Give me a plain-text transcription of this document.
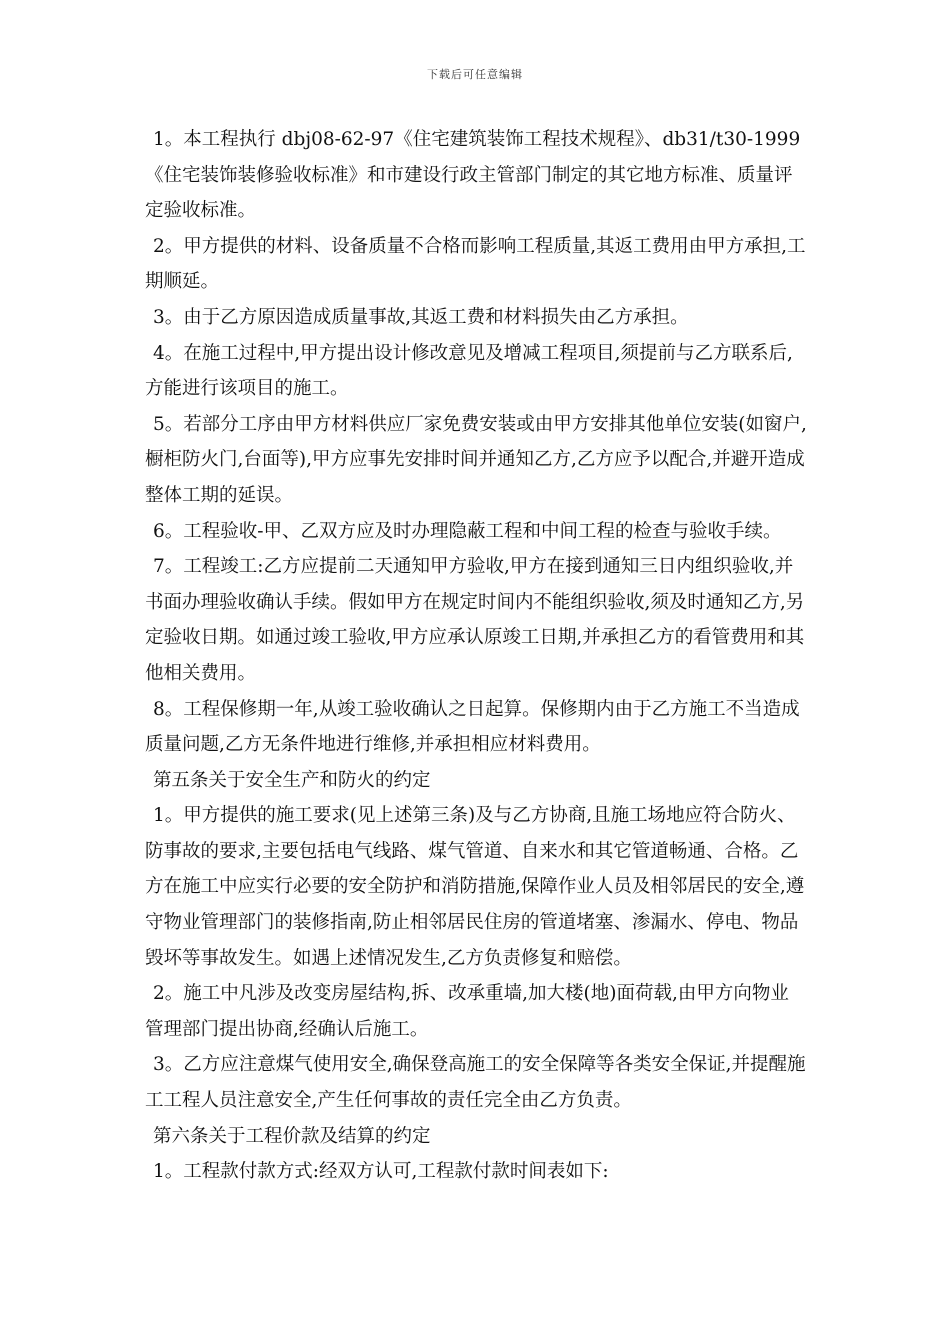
下载后可任意编辑

1。本工程执行 dbj08-62-97《住宅建筑装饰工程技术规程》、db31/t30-1999《住宅装饰装修验收标准》和市建设行政主管部门制定的其它地方标准、质量评定验收标准。

2。甲方提供的材料、设备质量不合格而影响工程质量,其返工费用由甲方承担,工期顺延。

3。由于乙方原因造成质量事故,其返工费和材料损失由乙方承担。

4。在施工过程中,甲方提出设计修改意见及增减工程项目,须提前与乙方联系后,方能进行该项目的施工。

5。若部分工序由甲方材料供应厂家免费安装或由甲方安排其他单位安装(如窗户,橱柜防火门,台面等),甲方应事先安排时间并通知乙方,乙方应予以配合,并避开造成整体工期的延误。

6。工程验收-甲、乙双方应及时办理隐蔽工程和中间工程的检查与验收手续。

7。工程竣工:乙方应提前二天通知甲方验收,甲方在接到通知三日内组织验收,并书面办理验收确认手续。假如甲方在规定时间内不能组织验收,须及时通知乙方,另定验收日期。如通过竣工验收,甲方应承认原竣工日期,并承担乙方的看管费用和其他相关费用。

8。工程保修期一年,从竣工验收确认之日起算。保修期内由于乙方施工不当造成质量问题,乙方无条件地进行维修,并承担相应材料费用。

第五条关于安全生产和防火的约定

1。甲方提供的施工要求(见上述第三条)及与乙方协商,且施工场地应符合防火、防事故的要求,主要包括电气线路、煤气管道、自来水和其它管道畅通、合格。乙方在施工中应实行必要的安全防护和消防措施,保障作业人员及相邻居民的安全,遵守物业管理部门的装修指南,防止相邻居民住房的管道堵塞、渗漏水、停电、物品毁坏等事故发生。如遇上述情况发生,乙方负责修复和赔偿。

2。施工中凡涉及改变房屋结构,拆、改承重墙,加大楼(地)面荷载,由甲方向物业管理部门提出协商,经确认后施工。

3。乙方应注意煤气使用安全,确保登高施工的安全保障等各类安全保证,并提醒施工工程人员注意安全,产生任何事故的责任完全由乙方负责。

第六条关于工程价款及结算的约定

1。工程款付款方式:经双方认可,工程款付款时间表如下:
